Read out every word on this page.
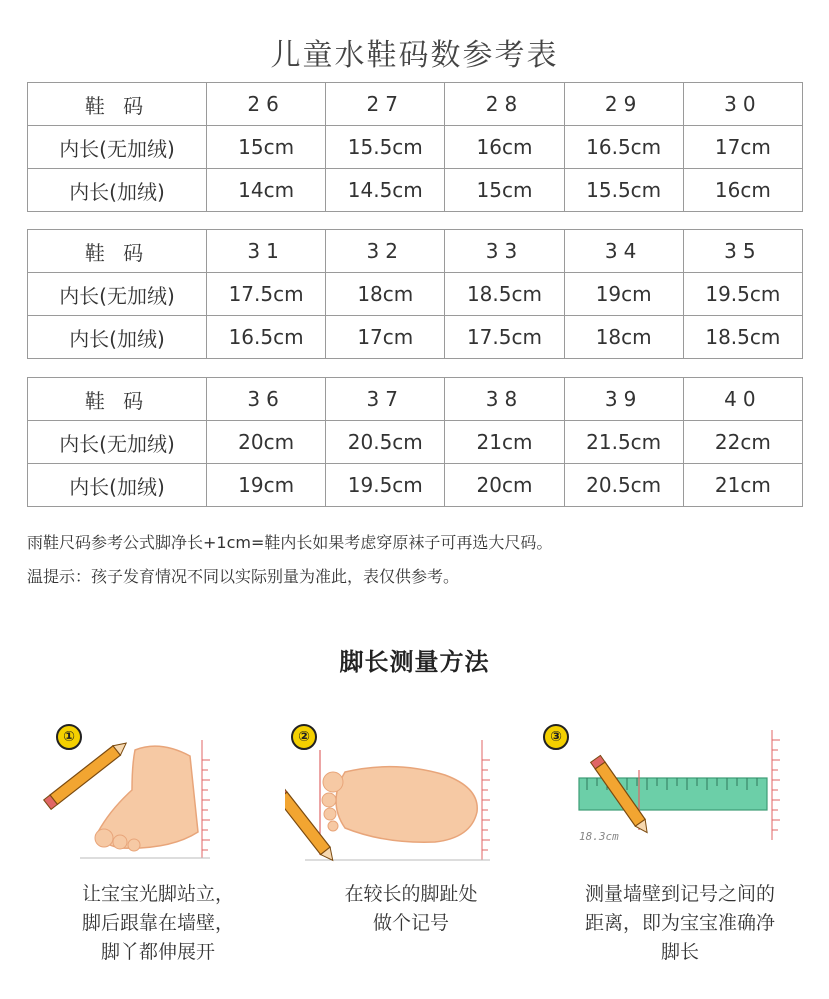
儿童水鞋码数参考表
鞋 码	26	27	28	29	30
内长(无加绒)	15cm	15.5cm	16cm	16.5cm	17cm
内长(加绒)	14cm	14.5cm	15cm	15.5cm	16cm
鞋 码	31	32	33	34	35
内长(无加绒)	17.5cm	18cm	18.5cm	19cm	19.5cm
内长(加绒)	16.5cm	17cm	17.5cm	18cm	18.5cm
鞋 码	36	37	38	39	40
内长(无加绒)	20cm	20.5cm	21cm	21.5cm	22cm
内长(加绒)	19cm	19.5cm	20cm	20.5cm	21cm
雨鞋尺码参考公式脚净长+1cm=鞋内长如果考虑穿原袜子可再选大尺码。
温提示：孩子发育情况不同以实际别量为准此，表仅供参考。
脚长测量方法
①	②	③
18.3cm
让宝宝光脚站立，
脚后跟靠在墙壁，
脚丫都伸展开
在较长的脚趾处
做个记号
测量墙壁到记号之间的
距离，即为宝宝准确净
脚长
